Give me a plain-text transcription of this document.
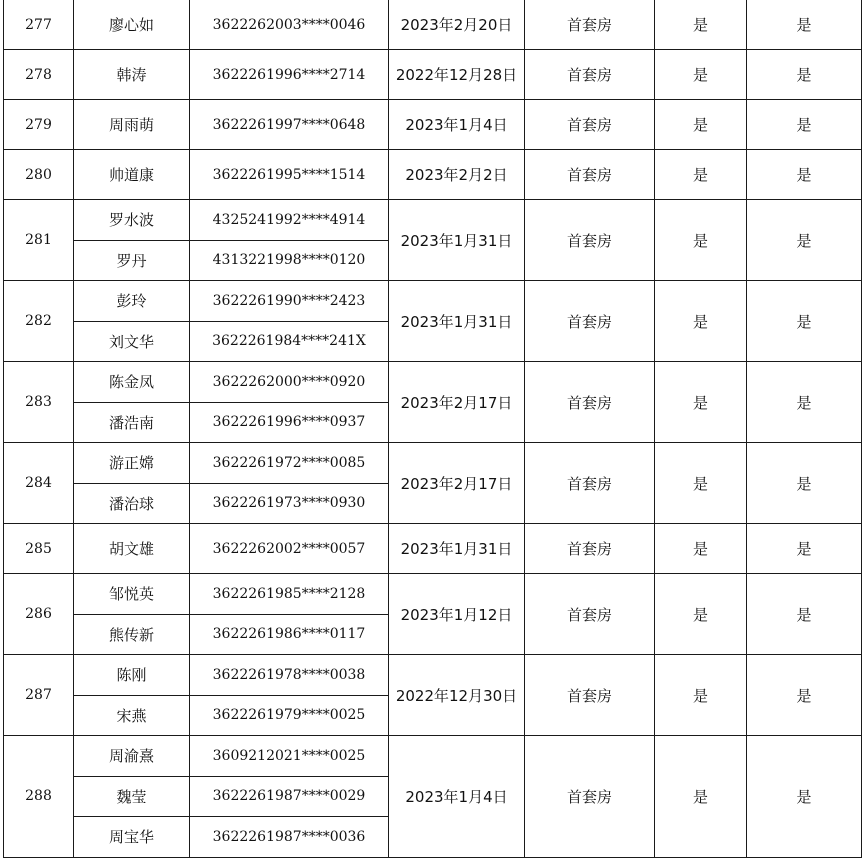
277	廖心如	3622262003****0046	2023年2月20日	首套房	是	是
278	韩涛	3622261996****2714	2022年12月28日	首套房	是	是
279	周雨萌	3622261997****0648	2023年1月4日	首套房	是	是
280	帅道康	3622261995****1514	2023年2月2日	首套房	是	是
281	罗水波	4325241992****4914	2023年1月31日	首套房	是	是
	罗丹	4313221998****0120				
282	彭玲	3622261990****2423	2023年1月31日	首套房	是	是
	刘文华	3622261984****241X				
283	陈金凤	3622262000****0920	2023年2月17日	首套房	是	是
	潘浩南	3622261996****0937				
284	游正嫦	3622261972****0085	2023年2月17日	首套房	是	是
	潘治球	3622261973****0930				
285	胡文雄	3622262002****0057	2023年1月31日	首套房	是	是
286	邹悦英	3622261985****2128	2023年1月12日	首套房	是	是
	熊传新	3622261986****0117				
287	陈刚	3622261978****0038	2022年12月30日	首套房	是	是
	宋燕	3622261979****0025				
288	周渝熹	3609212021****0025	2023年1月4日	首套房	是	是
	魏莹	3622261987****0029				
	周宝华	3622261987****0036				
